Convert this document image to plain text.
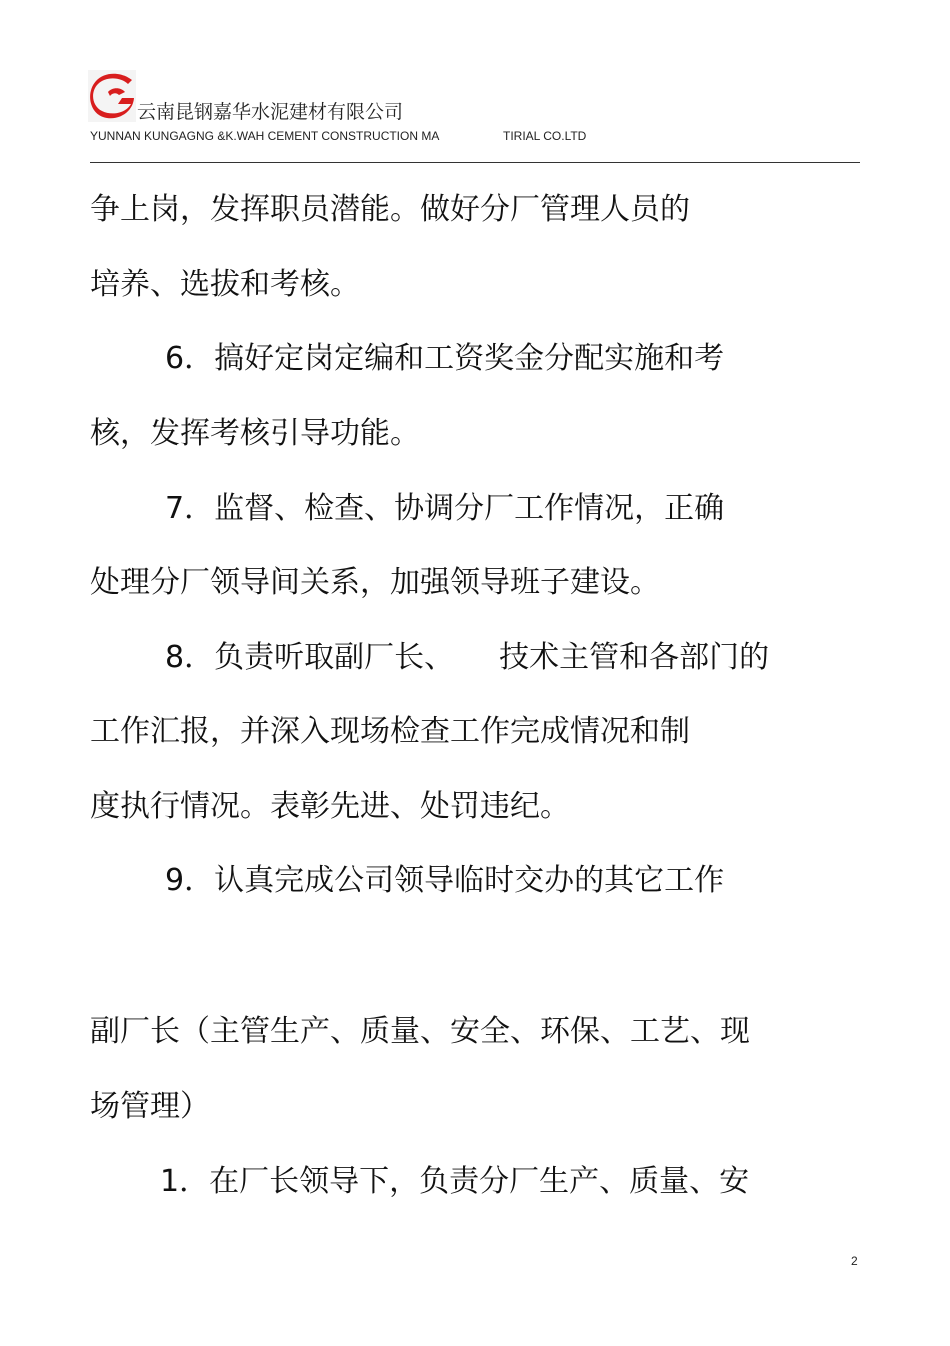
云南昆钢嘉华水泥建材有限公司
YUNNAN KUNGAGNG &K.WAH CEMENT CONSTRUCTION MA	TIRIAL CO.LTD
争上岗，发挥职员潜能。做好分厂管理人员的
培养、选拔和考核。
6．搞好定岗定编和工资奖金分配实施和考
核，发挥考核引导功能。
7．监督、检查、协调分厂工作情况，正确
处理分厂领导间关系，加强领导班子建设。
8．负责听取副厂长、　　技术主管和各部门的
工作汇报，并深入现场检查工作完成情况和制
度执行情况。表彰先进、处罚违纪。
9．认真完成公司领导临时交办的其它工作
副厂长（主管生产、质量、安全、环保、工艺、现
场管理）
1．在厂长领导下，负责分厂生产、质量、安
2
